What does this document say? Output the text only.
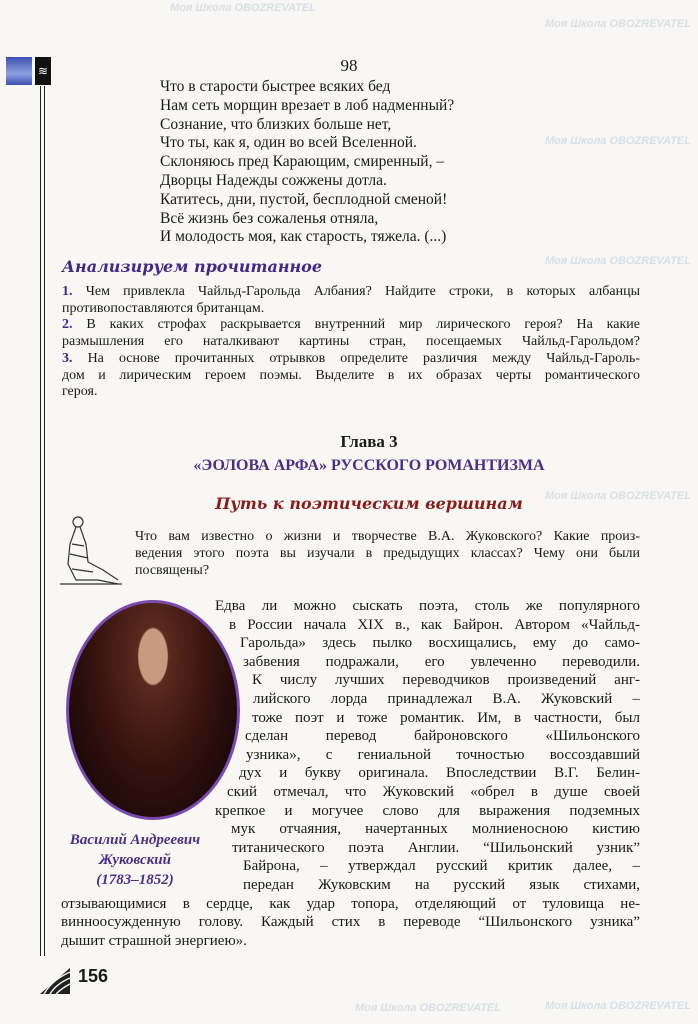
Моя Школа OBOZREVATEL
Моя Школа OBOZREVATEL
Моя Школа OBOZREVATEL
Моя Школа OBOZREVATEL
Моя Школа OBOZREVATEL
Моя Школа OBOZREVATEL
Моя Школа OBOZREVATEL
≋	98
Что в старости быстрее всяких бед
Нам сеть морщин врезает в лоб надменный?
Сознание, что близких больше нет,
Что ты, как я, один во всей Вселенной.
Склоняюсь пред Карающим, смиренный, –
Дворцы Надежды сожжены дотла.
Катитесь, дни, пустой, бесплодной сменой!
Всё жизнь без сожаленья отняла,
И молодость моя, как старость, тяжела. (...)
Анализируем прочитанное
1. Чем привлекла Чайльд-Гарольда Албания? Найдите строки, в которых албанцы
противопоставляются британцам.
2. В каких строфах раскрывается внутренний мир лирического героя? На какие
размышления его наталкивают картины стран, посещаемых Чайльд-Гарольдом?
3. На основе прочитанных отрывков определите различия между Чайльд-Гароль-
дом и лирическим героем поэмы. Выделите в их образах черты романтического
героя.
Глава 3
«ЭОЛОВА АРФА» РУССКОГО РОМАНТИЗМА
Путь к поэтическим вершинам
Что вам известно о жизни и творчестве В.А. Жуковского? Какие произ-
ведения этого поэта вы изучали в предыдущих классах? Чему они были
посвящены?
Василий Андреевич
Жуковский
(1783–1852)
Едва ли можно сыскать поэта, столь же популярного
в России начала XIX в., как Байрон. Автором «Чайльд-
Гарольда» здесь пылко восхищались, ему до само-
забвения подражали, его увлеченно переводили.
К числу лучших переводчиков произведений анг-
лийского лорда принадлежал В.А. Жуковский –
тоже поэт и тоже романтик. Им, в частности, был
сделан перевод байроновского «Шильонского
узника», с гениальной точностью воссоздавший
дух и букву оригинала. Впоследствии В.Г. Белин-
ский отмечал, что Жуковский «обрел в душе своей
крепкое и могучее слово для выражения подземных
мук отчаяния, начертанных молниеносною кистию
титанического поэта Англии. “Шильонский узник”
Байрона, – утверждал русский критик далее, –
передан Жуковским на русский язык стихами,
отзывающимися в сердце, как удар топора, отделяющий от туловища не-
винноосужденную голову. Каждый стих в переводе “Шильонского узника”
дышит страшной энергиею».
156
